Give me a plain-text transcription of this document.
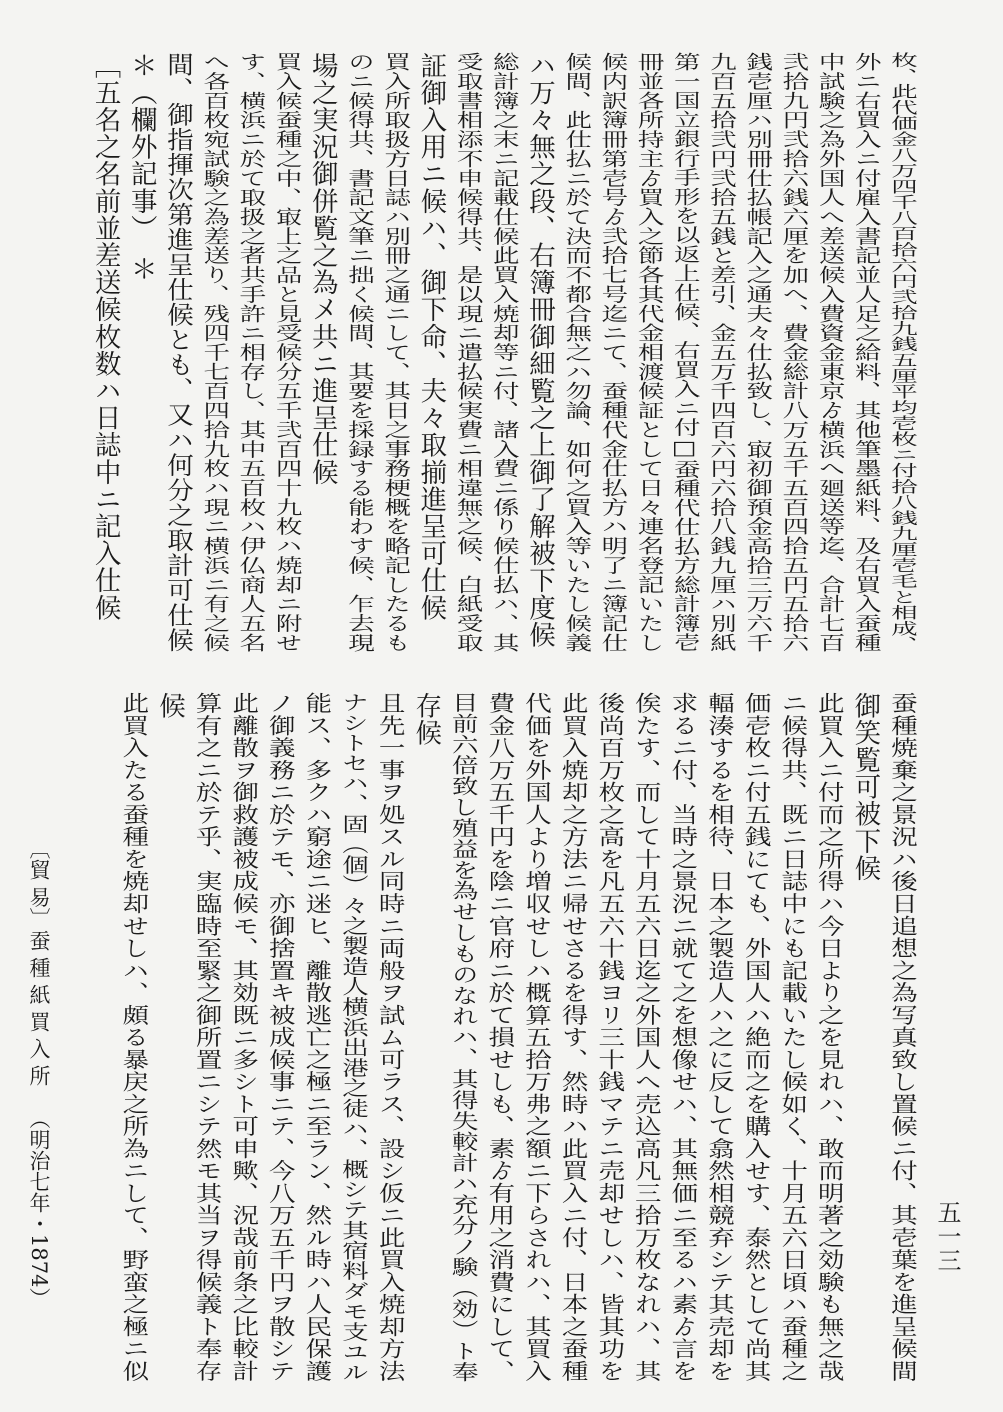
五一三
〔貿 易〕
蚕種紙買入所
（明治七年・1874）
枚、此代価金八万四千八百拾六円弐拾九銭五厘平均壱枚ニ付拾八銭九厘壱毛と相成、
外ニ右買入ニ付雇入書記並人足之給料、其他筆墨紙料、及右買入蚕種
中試験之為外国人へ差送候入費資金東京ゟ横浜へ廻送等迄、合計七百
弐拾九円弐拾六銭六厘を加へ、費金総計八万五千五百四拾五円五拾六
銭壱厘ハ別冊仕払帳記入之通夫々仕払致し、㝡初御預金高拾三万六千
九百五拾弐円弐拾五銭と差引、金五万千四百六円六拾八銭九厘ハ別紙
第一国立銀行手形を以返上仕候、右買入ニ付□蚕種代仕払方総計簿壱
冊並各所持主ゟ買入之節各其代金相渡候証として日々連名登記いたし
候内訳簿冊第壱号ゟ弐拾七号迄ニて、蚕種代金仕払方ハ明了ニ簿記仕
候間、此仕払ニ於て決而不都合無之ハ勿論、如何之買入等いたし候義
ハ万々無之段、右簿冊御細覧之上御了解被下度候
総計簿之末ニ記載仕候此買入焼却等ニ付、諸入費ニ係り候仕払ハ、其
受取書相添不申候得共、是以現ニ遣払候実費ニ相違無之候、白紙受取
証御入用ニ候ハ、御下命、夫々取揃進呈可仕候
買入所取扱方日誌ハ別冊之通ニして、其日之事務梗概を略記したるも
のニ候得共、書記文筆ニ拙く候間、其要を採録する能わす候、乍去現
場之実況御併覧之為メ共ニ進呈仕候
買入候蚕種之中、㝡上之品と見受候分五千弐百四十九枚ハ焼却ニ附せ
す、横浜ニ於て取扱之者共手許ニ相存し、其中五百枚ハ伊仏商人五名
へ各百枚宛試験之為差送り、残四千七百四拾九枚ハ現ニ横浜ニ有之候
間、御指揮次第進呈仕候とも、又ハ何分之取計可仕候
＊（欄外記事）　＊
［五名之名前並差送候枚数ハ日誌中ニ記入仕候
蚕種焼棄之景況ハ後日追想之為写真致し置候ニ付、其壱葉を進呈候間
御笑覧可被下候
此買入ニ付而之所得ハ今日より之を見れハ、敢而明著之効験も無之哉
ニ候得共、既ニ日誌中にも記載いたし候如く、十月五六日頃ハ蚕種之
価壱枚ニ付五銭にても、外国人ハ絶而之を購入せす、泰然として尚其
輻湊するを相待、日本之製造人ハ之に反して翕然相競弃シテ其売却を
求るニ付、当時之景況ニ就て之を想像せハ、其無価ニ至るハ素ゟ言を
俟たす、而して十月五六日迄之外国人へ売込高凡三拾万枚なれハ、其
後尚百万枚之高を凡五六十銭ヨリ三十銭マテニ売却せしハ、皆其功を
此買入焼却之方法ニ帰せさるを得す、然時ハ此買入ニ付、日本之蚕種
代価を外国人より増収せしハ概算五拾万弗之額ニ下らされハ、其買入
費金八万五千円を陰ニ官府ニ於て損せしも、素ゟ有用之消費にして、
目前六倍致し殖益を為せしものなれハ、其得失較計ハ充分ノ験（効）ト奉
存候
且先一事ヲ処スル同時ニ両般ヲ試ム可ラス、設シ仮ニ此買入焼却方法
ナシトセハ、固（個）々之製造人横浜出港之徒ハ、概シテ其宿料ダモ支ユル
能ス、多クハ窮途ニ迷ヒ、離散逃亡之極ニ至ラン、然ル時ハ人民保護
ノ御義務ニ於テモ、亦御捨置キ被成候事ニテ、今八万五千円ヲ散シテ
此離散ヲ御救護被成候モ、其効既ニ多シト可申歟、況哉前条之比較計
算有之ニ於テ乎、実臨時至緊之御所置ニシテ然モ其当ヲ得候義ト奉存
候
此買入たる蚕種を焼却せしハ、頗る暴戻之所為ニして、野蛮之極ニ似
